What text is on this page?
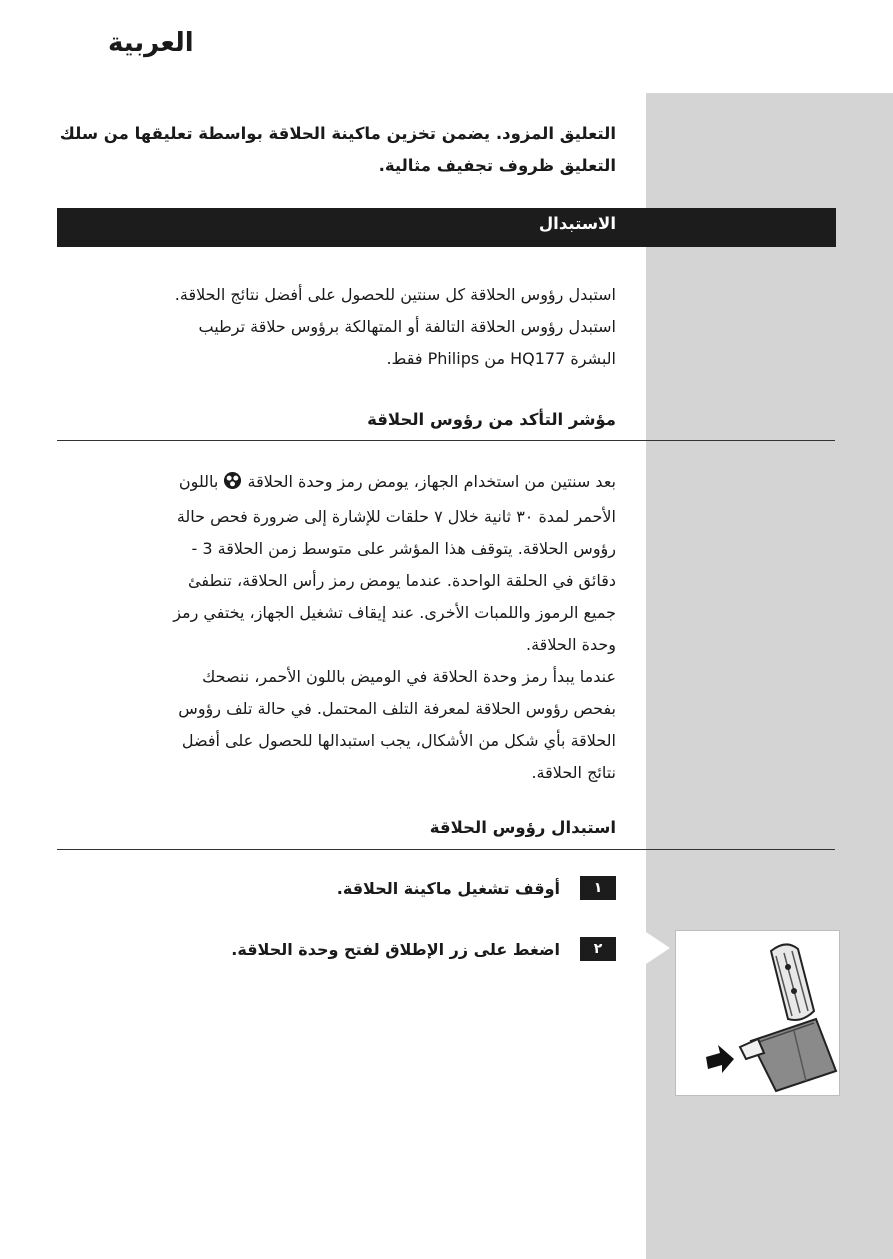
العربية
التعليق المزود. يضمن تخزين ماكينة الحلاقة بواسطة تعليقها من سلك التعليق ظروف تجفيف مثالية.
الاستبدال
استبدل رؤوس الحلاقة كل سنتين للحصول على أفضل نتائج الحلاقة.
استبدل رؤوس الحلاقة التالفة أو المتهالكة برؤوس حلاقة ترطيب
البشرة HQ177 من Philips فقط.
مؤشر التأكد من رؤوس الحلاقة
بعد سنتين من استخدام الجهاز، يومض رمز وحدة الحلاقة  باللون
الأحمر لمدة ٣٠ ثانية خلال ٧ حلقات للإشارة إلى ضرورة فحص حالة
رؤوس الحلاقة. يتوقف هذا المؤشر على متوسط زمن الحلاقة 3 -
دقائق في الحلقة الواحدة. عندما يومض رمز رأس الحلاقة، تنطفئ
جميع الرموز واللمبات الأخرى. عند إيقاف تشغيل الجهاز، يختفي رمز
وحدة الحلاقة.
عندما يبدأ رمز وحدة الحلاقة في الوميض باللون الأحمر، ننصحك
بفحص رؤوس الحلاقة لمعرفة التلف المحتمل. في حالة تلف رؤوس
الحلاقة بأي شكل من الأشكال، يجب استبدالها للحصول على أفضل
نتائج الحلاقة.
استبدال رؤوس الحلاقة
١
أوقف تشغيل ماكينة الحلاقة.
٢
اضغط على زر الإطلاق لفتح وحدة الحلاقة.
